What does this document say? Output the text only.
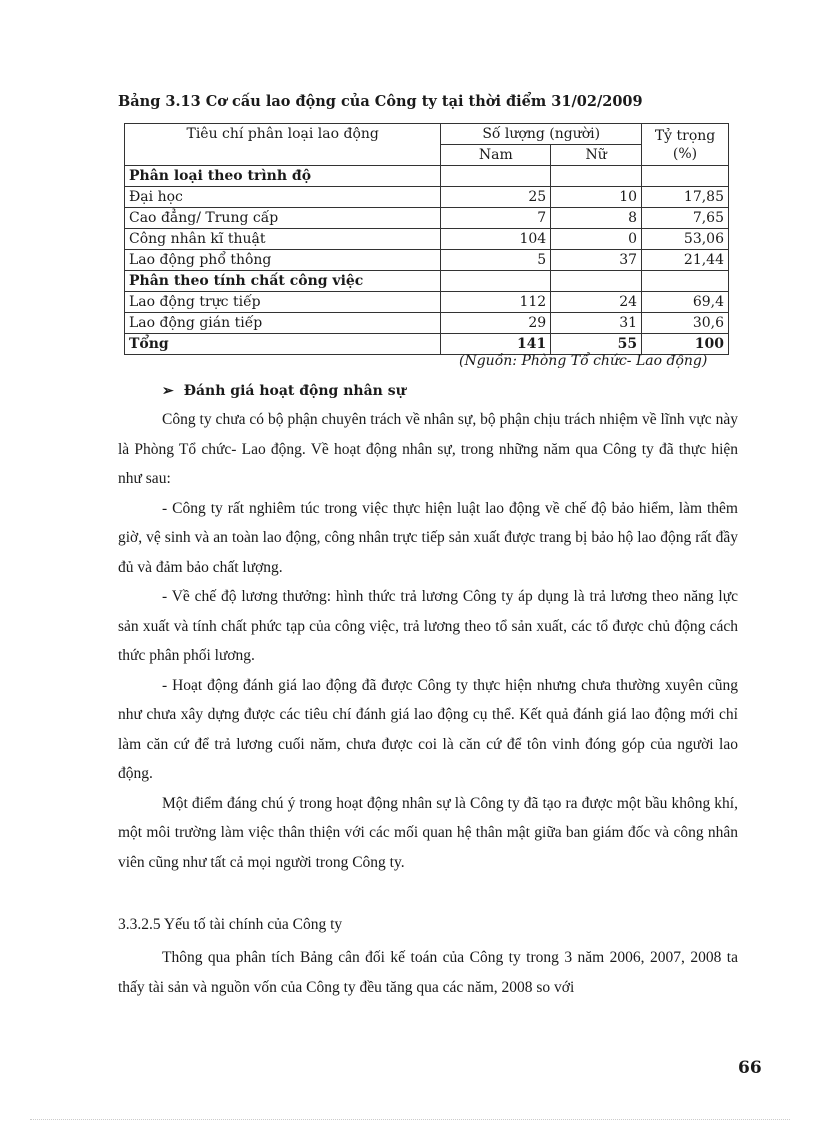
Bảng 3.13 Cơ cấu lao động của Công ty tại thời điểm 31/02/2009
Tiêu chí phân loại lao động	Số lượng (người)		Tỷ trọng
(%)
	Nam	Nữ	
Phân loại theo trình độ			
Đại học	25	10	17,85
Cao đẳng/ Trung cấp	7	8	7,65
Công nhân kĩ thuật	104	0	53,06
Lao động phổ thông	5	37	21,44
Phân theo tính chất công việc			
Lao động trực tiếp	112	24	69,4
Lao động gián tiếp	29	31	30,6
Tổng	141	55	100
(Nguồn: Phòng Tổ chức- Lao động)
➢ Đánh giá hoạt động nhân sự

Công ty chưa có bộ phận chuyên trách về nhân sự, bộ phận chịu trách nhiệm về lĩnh vực này là Phòng Tổ chức- Lao động. Về hoạt động nhân sự, trong những năm qua Công ty đã thực hiện như sau:

- Công ty rất nghiêm túc trong việc thực hiện luật lao động về chế độ bảo hiểm, làm thêm giờ, vệ sinh và an toàn lao động, công nhân trực tiếp sản xuất được trang bị bảo hộ lao động rất đầy đủ và đảm bảo chất lượng.

- Về chế độ lương thưởng: hình thức trả lương Công ty áp dụng là trả lương theo năng lực sản xuất và tính chất phức tạp của công việc, trả lương theo tổ sản xuất, các tổ được chủ động cách thức phân phối lương.

- Hoạt động đánh giá lao động đã được Công ty thực hiện nhưng chưa thường xuyên cũng như chưa xây dựng được các tiêu chí đánh giá lao động cụ thể. Kết quả đánh giá lao động mới chỉ làm căn cứ để trả lương cuối năm, chưa được coi là căn cứ để tôn vinh đóng góp của người lao động.

Một điểm đáng chú ý trong hoạt động nhân sự là Công ty đã tạo ra được một bầu không khí, một môi trường làm việc thân thiện với các mối quan hệ thân mật giữa ban giám đốc và công nhân viên cũng như tất cả mọi người trong Công ty.

3.3.2.5 Yếu tố tài chính của Công ty

Thông qua phân tích Bảng cân đối kế toán của Công ty trong 3 năm 2006, 2007, 2008 ta thấy tài sản và nguồn vốn của Công ty đều tăng qua các năm, 2008 so với

66
